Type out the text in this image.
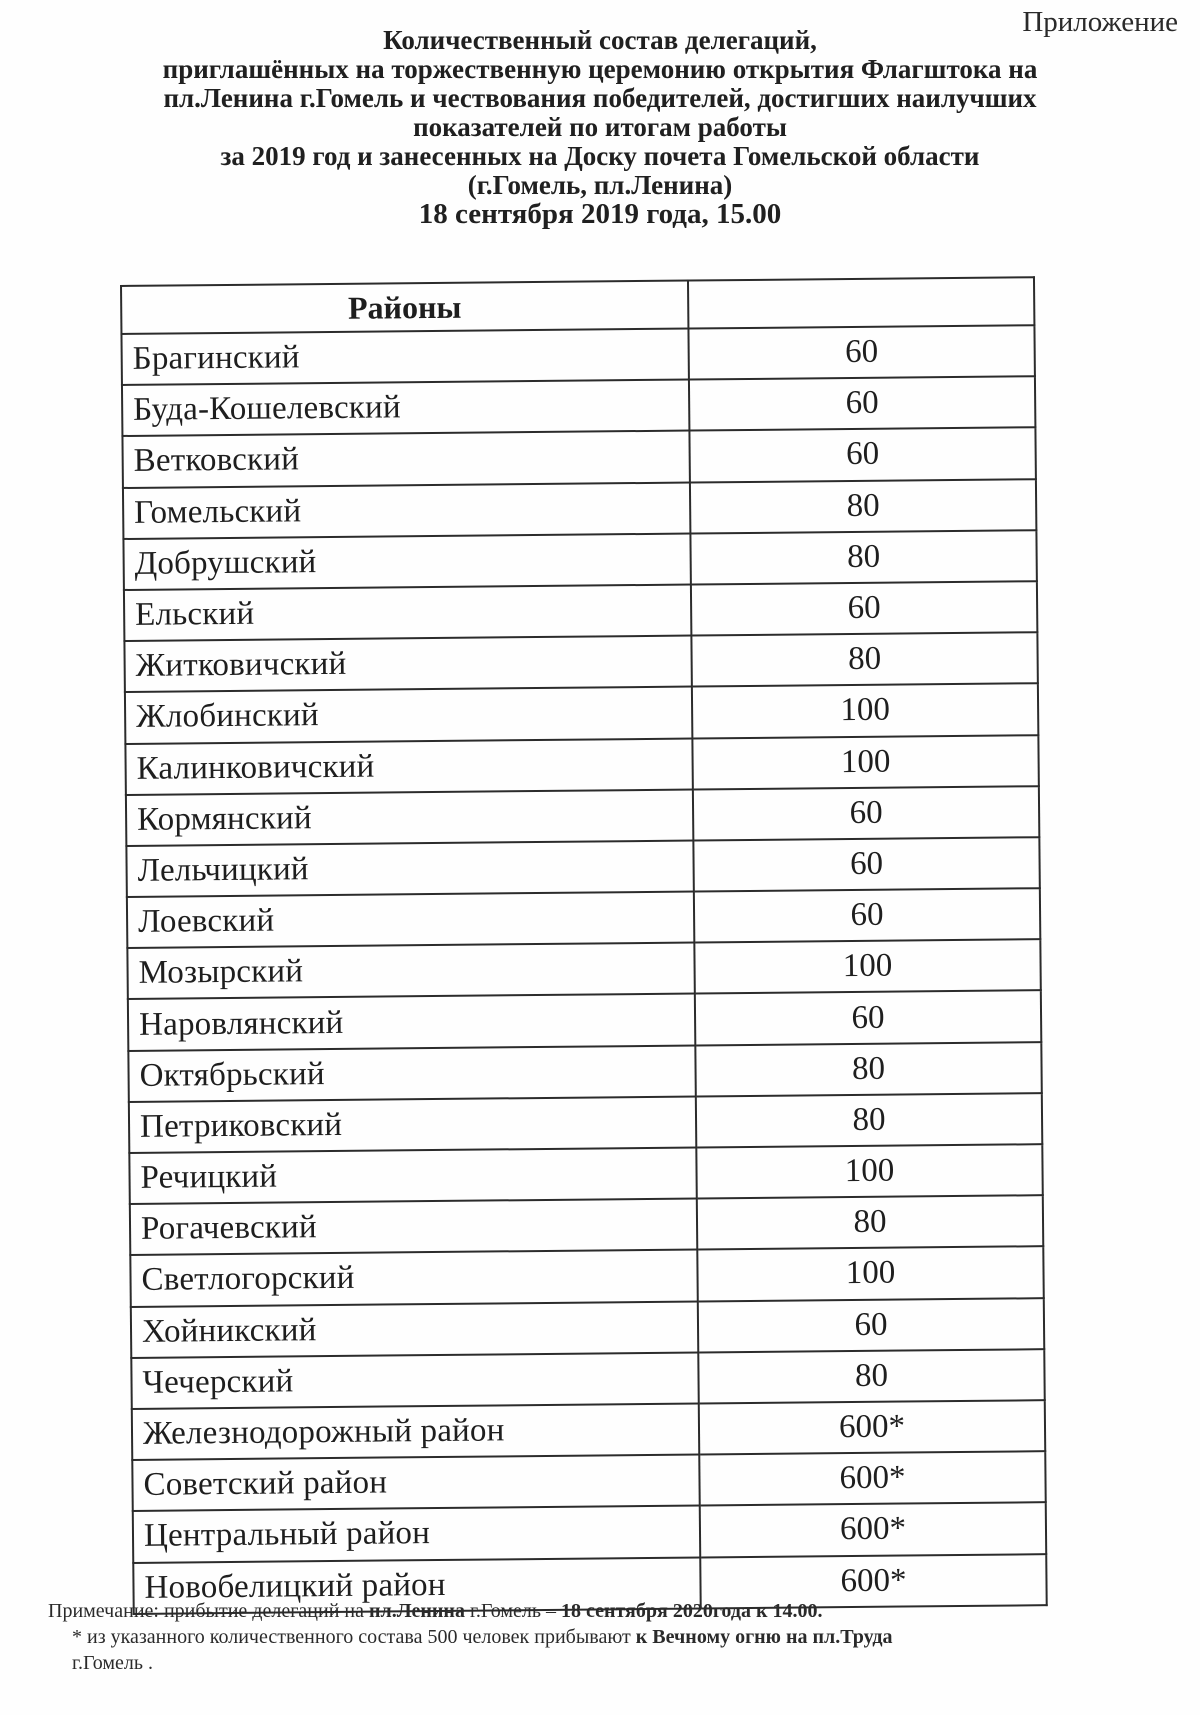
Приложение
Количественный состав делегаций,
приглашённых на торжественную церемонию открытия Флагштока на
пл.Ленина г.Гомель и чествования победителей, достигших наилучших
показателей по итогам работы
за 2019 год и занесенных на Доску почета Гомельской области
(г.Гомель, пл.Ленина)
18 сентября 2019 года, 15.00
Районы	
Брагинский	60
Буда-Кошелевский	60
Ветковский	60
Гомельский	80
Добрушский	80
Ельский	60
Житковичский	80
Жлобинский	100
Калинковичский	100
Кормянский	60
Лельчицкий	60
Лоевский	60
Мозырский	100
Наровлянский	60
Октябрьский	80
Петриковский	80
Речицкий	100
Рогачевский	80
Светлогорский	100
Хойникский	60
Чечерский	80
Железнодорожный район	600*
Советский район	600*
Центральный район	600*
Новобелицкий район	600*
Примечание: прибытие делегаций на пл.Ленина г.Гомель – 18 сентября 2020года к 14.00.
* из указанного количественного состава 500 человек прибывают к Вечному огню на пл.Труда
г.Гомель .
